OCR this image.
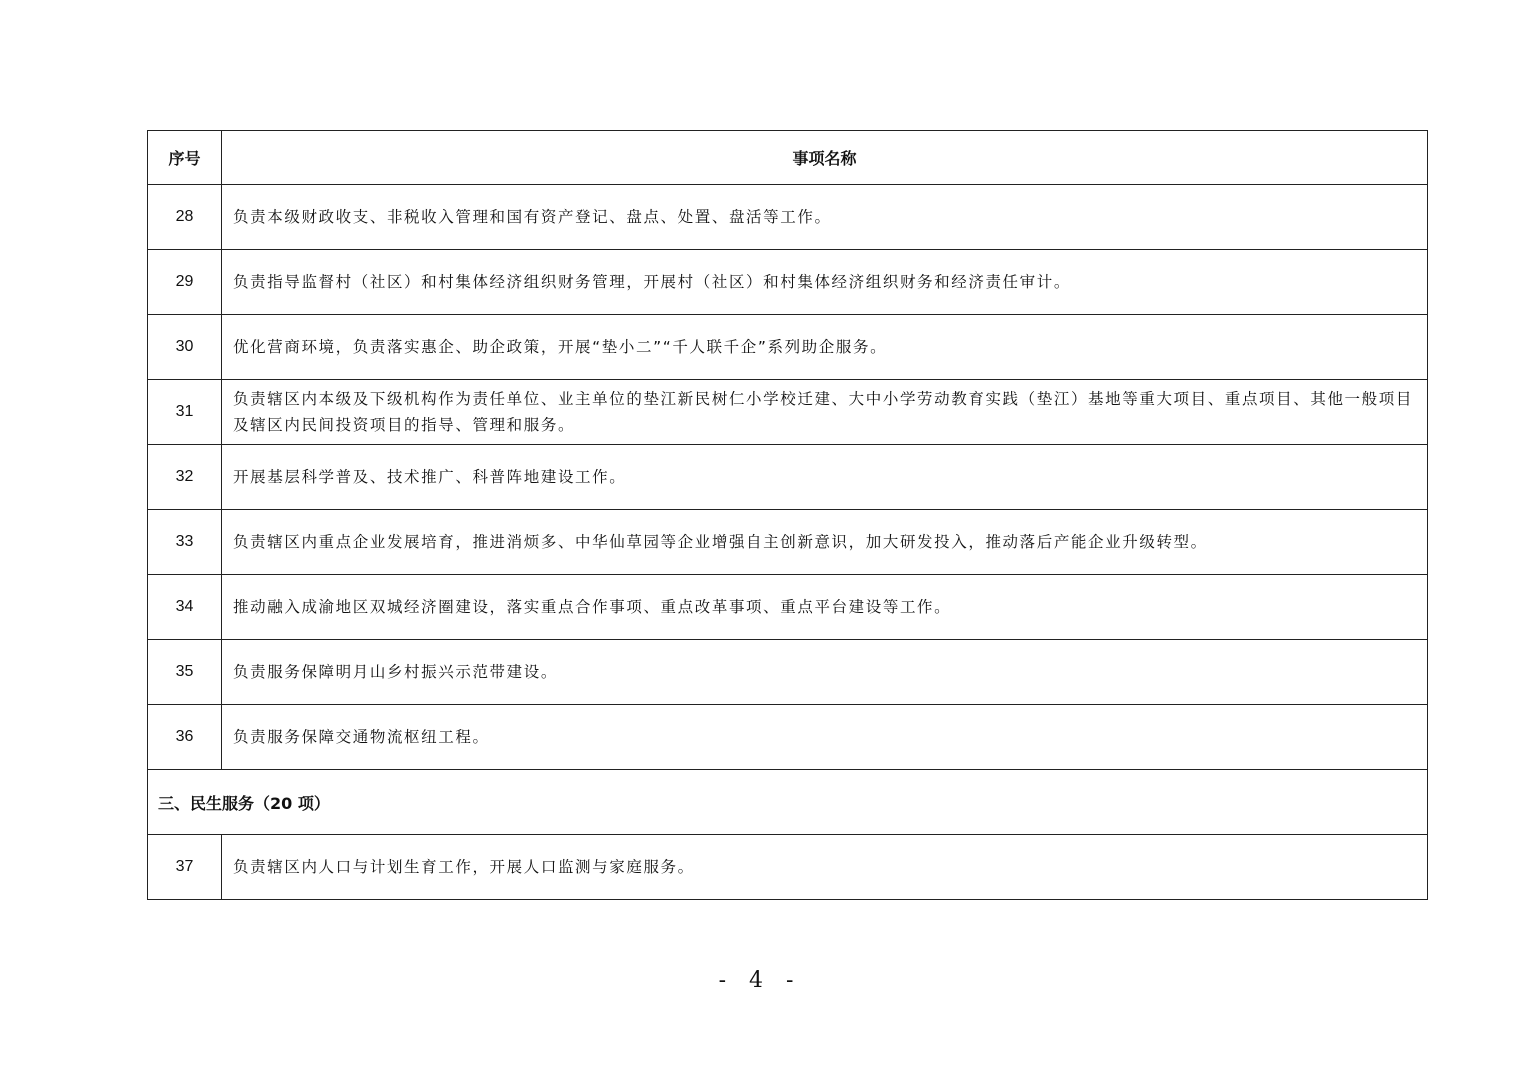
序号	事项名称
28	负责本级财政收支、非税收入管理和国有资产登记、盘点、处置、盘活等工作。
29	负责指导监督村（社区）和村集体经济组织财务管理，开展村（社区）和村集体经济组织财务和经济责任审计。
30	优化营商环境，负责落实惠企、助企政策，开展“垫小二”“千人联千企”系列助企服务。
31	负责辖区内本级及下级机构作为责任单位、业主单位的垫江新民树仁小学校迁建、大中小学劳动教育实践（垫江）基地等重大项目、重点项目、其他一般项目及辖区内民间投资项目的指导、管理和服务。
32	开展基层科学普及、技术推广、科普阵地建设工作。
33	负责辖区内重点企业发展培育，推进消烦多、中华仙草园等企业增强自主创新意识，加大研发投入，推动落后产能企业升级转型。
34	推动融入成渝地区双城经济圈建设，落实重点合作事项、重点改革事项、重点平台建设等工作。
35	负责服务保障明月山乡村振兴示范带建设。
36	负责服务保障交通物流枢纽工程。
三、民生服务（20 项）	
37	负责辖区内人口与计划生育工作，开展人口监测与家庭服务。
- 4 -
